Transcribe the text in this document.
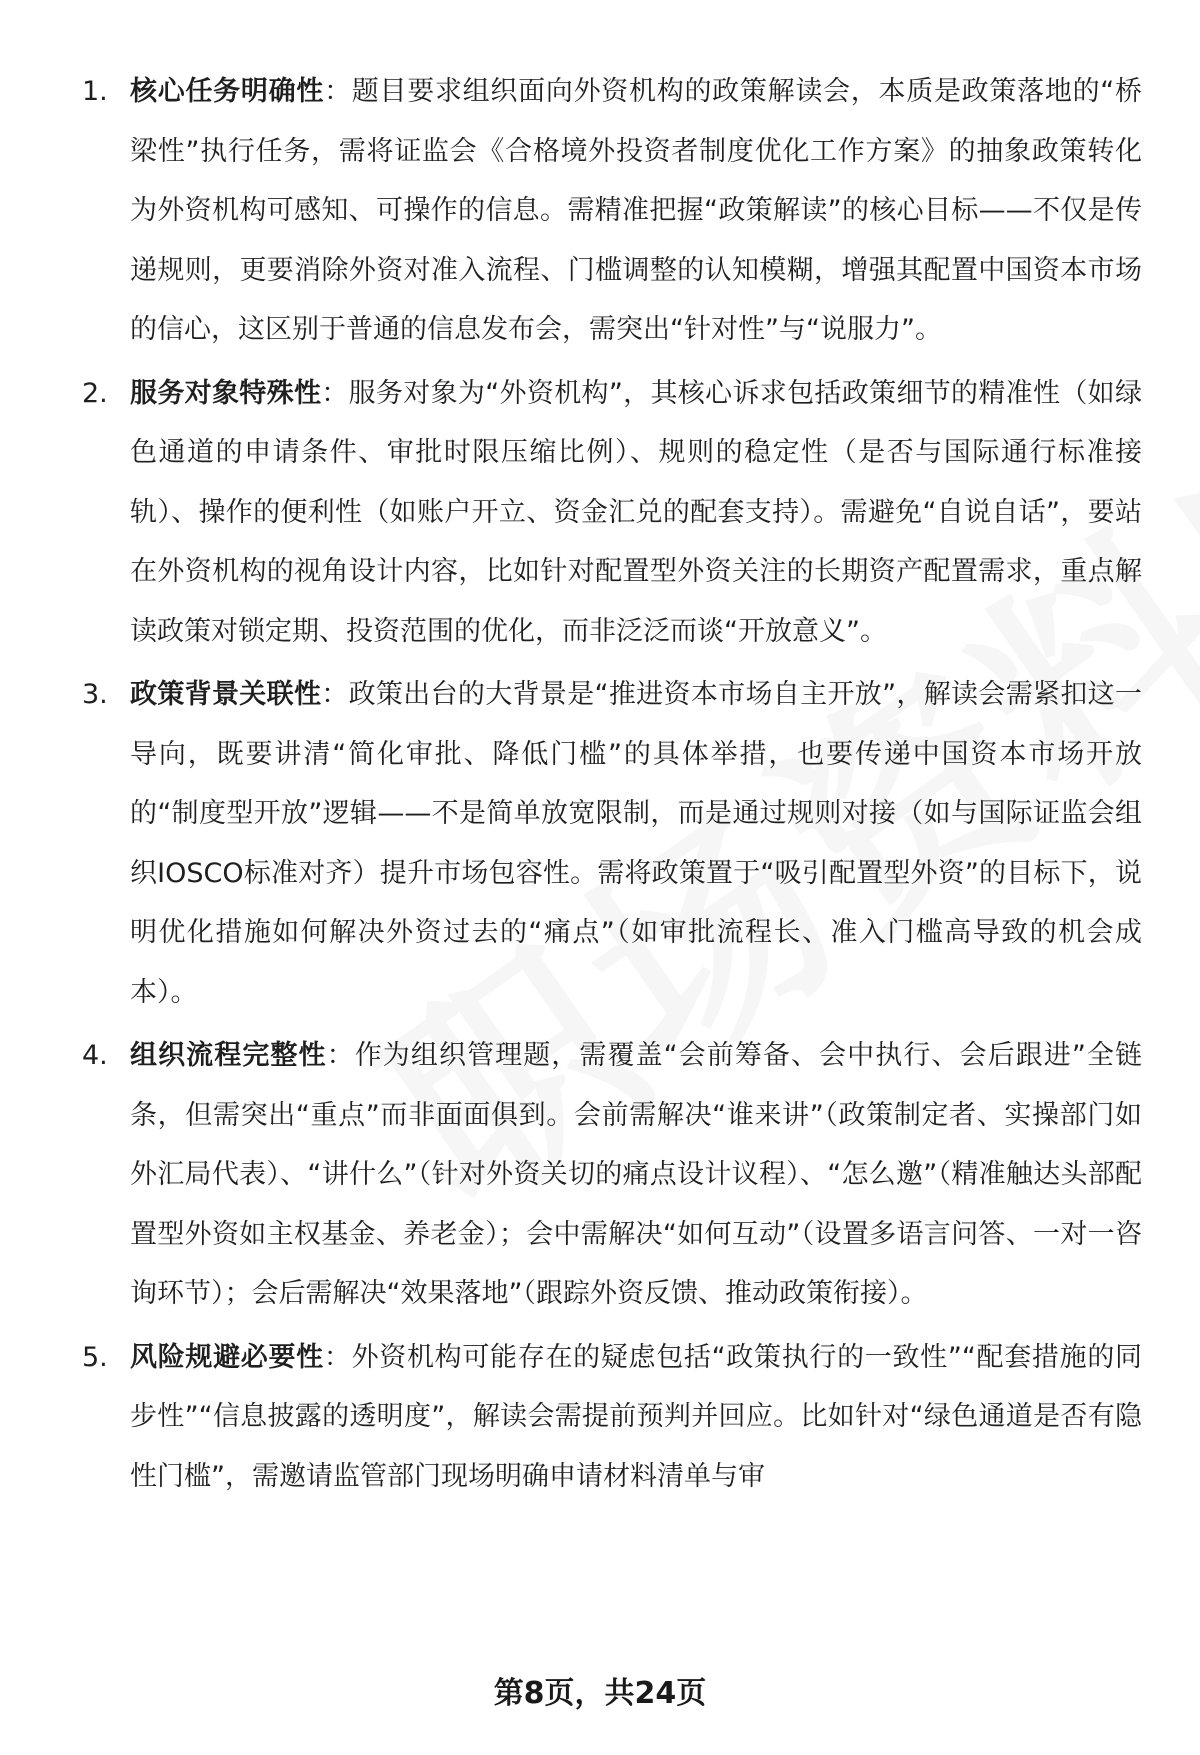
1. 核心任务明确性：题目要求组织面向外资机构的政策解读会，本质是政策落地的“桥梁性”执行任务，需将证监会《合格境外投资者制度优化工作方案》的抽象政策转化为外资机构可感知、可操作的信息。需精准把握“政策解读”的核心目标——不仅是传递规则，更要消除外资对准入流程、门槛调整的认知模糊，增强其配置中国资本市场的信心，这区别于普通的信息发布会，需突出“针对性”与“说服力”。
2. 服务对象特殊性：服务对象为“外资机构”，其核心诉求包括政策细节的精准性（如绿色通道的申请条件、审批时限压缩比例）、规则的稳定性（是否与国际通行标准接轨）、操作的便利性（如账户开立、资金汇兑的配套支持）。需避免“自说自话”，要站在外资机构的视角设计内容，比如针对配置型外资关注的长期资产配置需求，重点解读政策对锁定期、投资范围的优化，而非泛泛而谈“开放意义”。
3. 政策背景关联性：政策出台的大背景是“推进资本市场自主开放”，解读会需紧扣这一导向，既要讲清“简化审批、降低门槛”的具体举措，也要传递中国资本市场开放的“制度型开放”逻辑——不是简单放宽限制，而是通过规则对接（如与国际证监会组织IOSCO标准对齐）提升市场包容性。需将政策置于“吸引配置型外资”的目标下，说明优化措施如何解决外资过去的“痛点”（如审批流程长、准入门槛高导致的机会成本）。
4. 组织流程完整性：作为组织管理题，需覆盖“会前筹备、会中执行、会后跟进”全链条，但需突出“重点”而非面面俱到。会前需解决“谁来讲”（政策制定者、实操部门如外汇局代表）、“讲什么”（针对外资关切的痛点设计议程）、“怎么邀”（精准触达头部配置型外资如主权基金、养老金）；会中需解决“如何互动”（设置多语言问答、一对一咨询环节）；会后需解决“效果落地”（跟踪外资反馈、推动政策衔接）。
5. 风险规避必要性：外资机构可能存在的疑虑包括“政策执行的一致性”“配套措施的同步性”“信息披露的透明度”，解读会需提前预判并回应。比如针对“绿色通道是否有隐性门槛”，需邀请监管部门现场明确申请材料清单与审
第8页，共24页
